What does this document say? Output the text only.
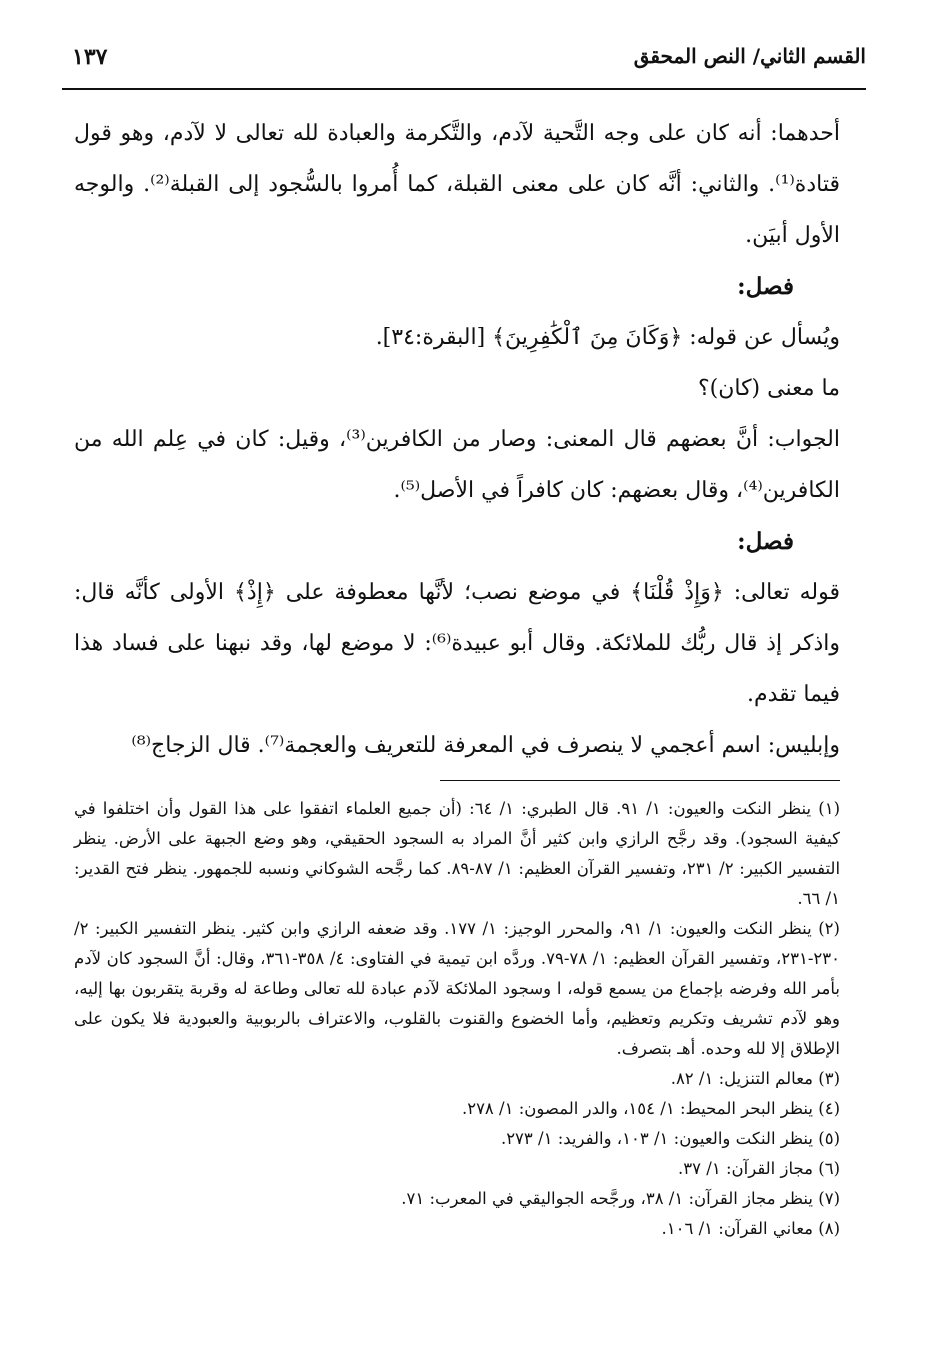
القسم الثاني/ النص المحقق
١٣٧

أحدهما: أنه كان على وجه التَّحية لآدم، والتَّكرمة والعبادة لله تعالى لا لآدم، وهو قول قتادة⁽¹⁾. والثاني: أنَّه كان على معنى القبلة، كما أُمروا بالسُّجود إلى القبلة⁽²⁾. والوجه الأول أبيَن.

فصل:

ويُسأل عن قوله: ﴿وَكَانَ مِنَ ٱلْكَٰفِرِينَ﴾ [البقرة:٣٤].

ما معنى (كان)؟

الجواب: أنَّ بعضهم قال المعنى: وصار من الكافرين⁽³⁾، وقيل: كان في عِلم الله من الكافرين⁽⁴⁾، وقال بعضهم: كان كافراً في الأصل⁽⁵⁾.

فصل:

قوله تعالى: ﴿وَإِذْ قُلْنَا﴾ في موضع نصب؛ لأنَّها معطوفة على ﴿إِذْ﴾ الأولى كأنَّه قال: واذكر إذ قال ربُّك للملائكة. وقال أبو عبيدة⁽⁶⁾: لا موضع لها، وقد نبهنا على فساد هذا فيما تقدم.

وإبليس: اسم أعجمي لا ينصرف في المعرفة للتعريف والعجمة⁽⁷⁾. قال الزجاج⁽⁸⁾

(١) ينظر النكت والعيون: ١/ ٩١. قال الطبري: ١/ ٦٤: (أن جميع العلماء اتفقوا على هذا القول وأن اختلفوا في كيفية السجود). وقد رجَّح الرازي وابن كثير أنَّ المراد به السجود الحقيقي، وهو وضع الجبهة على الأرض. ينظر التفسير الكبير: ٢/ ٢٣١، وتفسير القرآن العظيم: ١/ ٨٧-٨٩. كما رجَّحه الشوكاني ونسبه للجمهور. ينظر فتح القدير: ١/ ٦٦.

(٢) ينظر النكت والعيون: ١/ ٩١، والمحرر الوجيز: ١/ ١٧٧. وقد ضعفه الرازي وابن كثير. ينظر التفسير الكبير: ٢/ ٢٣٠-٢٣١، وتفسير القرآن العظيم: ١/ ٧٨-٧٩. وردَّه ابن تيمية في الفتاوى: ٤/ ٣٥٨-٣٦١، وقال: أنَّ السجود كان لآدم بأمر الله وفرضه بإجماع من يسمع قوله، ا وسجود الملائكة لآدم عبادة لله تعالى وطاعة له وقربة يتقربون بها إليه، وهو لآدم تشريف وتكريم وتعظيم، وأما الخضوع والقنوت بالقلوب، والاعتراف بالربوبية والعبودية فلا يكون على الإطلاق إلا لله وحده. أهـ بتصرف.

(٣) معالم التنزيل: ١/ ٨٢.

(٤) ينظر البحر المحيط: ١/ ١٥٤، والدر المصون: ١/ ٢٧٨.

(٥) ينظر النكت والعيون: ١/ ١٠٣، والفريد: ١/ ٢٧٣.

(٦) مجاز القرآن: ١/ ٣٧.

(٧) ينظر مجاز القرآن: ١/ ٣٨، ورجَّحه الجواليقي في المعرب: ٧١.

(٨) معاني القرآن: ١/ ١٠٦.
